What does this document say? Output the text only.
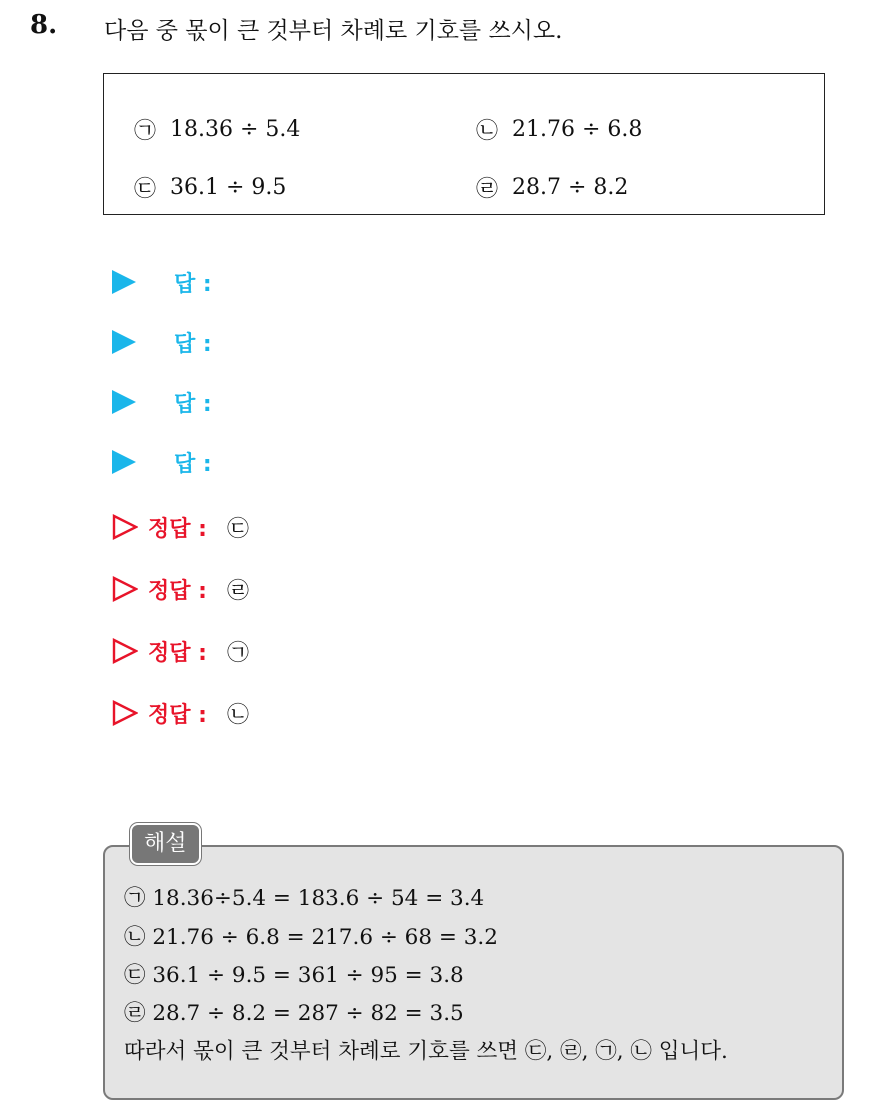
8. 다음 중 몫이 큰 것부터 차례로 기호를 쓰시오.
㉠ 18.36 ÷ 5.4	㉡ 21.76 ÷ 6.8
㉢ 36.1 ÷ 9.5	㉣ 28.7 ÷ 8.2
답 :
답 :
답 :
답 :
정답 : ㉢
정답 : ㉣
정답 : ㉠
정답 : ㉡
해설
㉠ 18.36÷5.4 = 183.6 ÷ 54 = 3.4
㉡ 21.76 ÷ 6.8 = 217.6 ÷ 68 = 3.2
㉢ 36.1 ÷ 9.5 = 361 ÷ 95 = 3.8
㉣ 28.7 ÷ 8.2 = 287 ÷ 82 = 3.5
따라서 몫이 큰 것부터 차례로 기호를 쓰면 ㉢, ㉣, ㉠, ㉡ 입니다.
